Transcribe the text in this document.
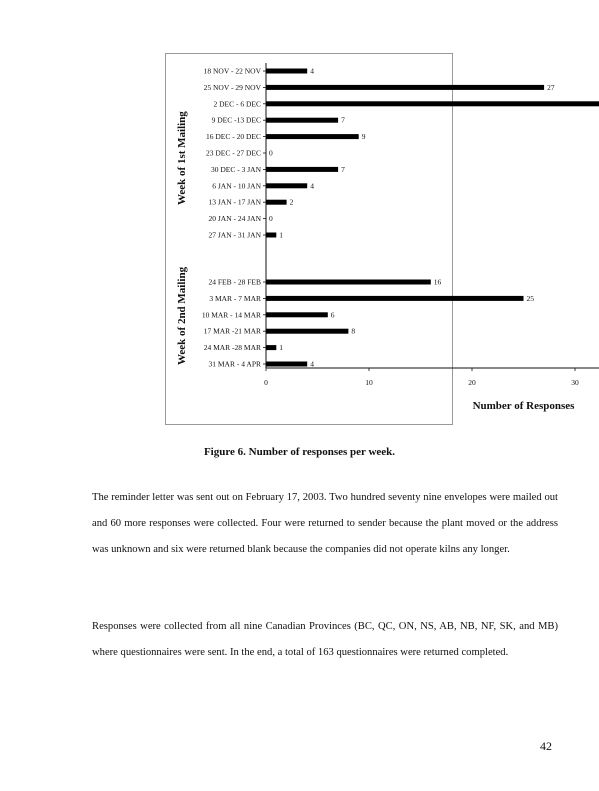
18 NOV - 22 NOV	4
25 NOV - 29 NOV	27
2 DEC - 6 DEC
9 DEC -13 DEC	7
16 DEC - 20 DEC	9
23 DEC - 27 DEC 0
30 DEC - 3 JAN	7
6 JAN - 10 JAN	4
13 JAN - 17 JAN	2
20 JAN - 24 JAN 0
27 JAN - 31 JAN 1
Week of 1st Mailing
24 FEB - 28 FEB	16
3 MAR - 7 MAR	25
10 MAR - 14 MAR	6
17 MAR -21 MAR	8
24 MAR -28 MAR 1
31 MAR - 4 APR	4
Week of 2nd Mailing
0	10	20	30
Number of Responses
Figure 6. Number of responses per week.

The reminder letter was sent out on February 17, 2003. Two hundred seventy nine envelopes were mailed out and 60 more responses were collected. Four were returned to sender because the plant moved or the address was unknown and six were returned blank because the companies did not operate kilns any longer.

Responses were collected from all nine Canadian Provinces (BC, QC, ON, NS, AB, NB, NF, SK, and MB) where questionnaires were sent. In the end, a total of 163 questionnaires were returned completed.

42
